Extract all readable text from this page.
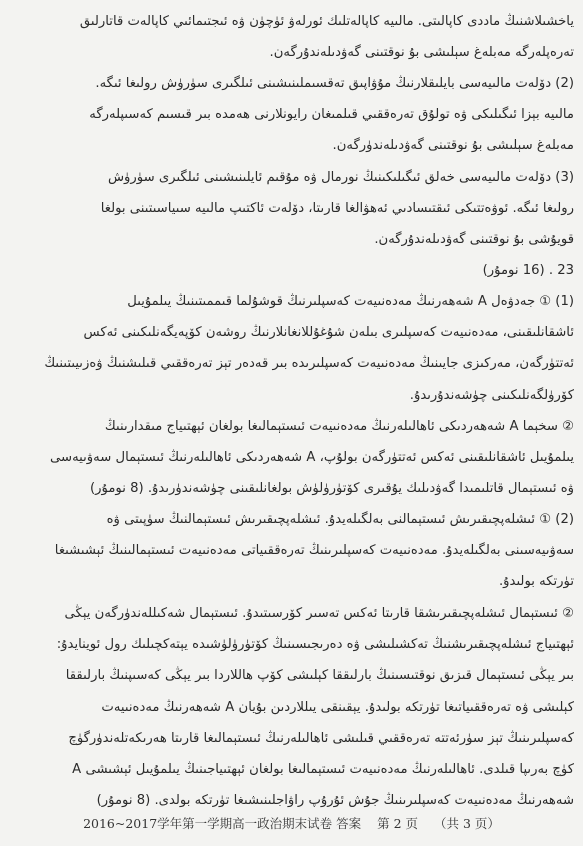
ياخشىلاشنىڭ ماددى كاپالىتى. مالىيە كاپالەتلىك ئورلەۋ ئۈچۈن ۋە ئىجتىمائىي كاپالەت قاتارلىق
تەرەپلەرگە مەبلەغ سېلىشى بۇ نوقتىنى گەۋدىلەندۇرگەن.
(2) دۆلەت مالىيەسى بايلىقلارنىڭ مۇۋاپىق تەقسىملىنىشىنى ئىلگىرى سۈرۈش رولىغا ئىگە.
مالىيە بېزا ئىگىلىكى ۋە تولۇق تەرەققىي قىلمىغان رايونلارنى ھەمدە بىر قىسىم كەسىپلەرگە
مەبلەغ سېلىشى بۇ نوقتىنى گەۋدىلەندۈرگەن.
(3) دۆلەت مالىيەسى خەلق ئىگىلىكىنىڭ نورمال ۋە مۇقىم ئايلىنىشىنى ئىلگىرى سۈرۈش
رولىغا ئىگە. ئوۋەتتىكى ئىقتىسادىي ئەھۋالغا قارىتا، دۆلەت ئاكتىپ مالىيە سىياسىتىنى بولغا
قويۇشى بۇ نوقتىنى گەۋدىلەندۇرگەن.
23 . (16 نومۇر)
(1) ① جەدۋەل A شەھەرنىڭ مەدەنىيەت كەسپلىرنىڭ قوشۇلما قىممىتىنىڭ يىلمۇيىل
ئاشقانلىقىنى، مەدەنىيەت كەسپلىرى بىلەن شۇغۇللانغانلارنىڭ روشەن كۆپەيگەنلىكىنى ئەكس
ئەتتۈرگەن، مەركىزى جايىنىڭ مەدەنىيەت كەسپلىرىدە بىر قەدەر تېز تەرەققىي قىلىشنىڭ ۋەزىيىتىنىڭ
كۆرۈلگەنلىكىنى چۈشەندۇرىدۇ.
② سخېما A شەھەردىكى ئاھالىلەرنىڭ مەدەنىيەت ئىستېمالىغا بولغان ئېھتىياج مىقدارىنىڭ
يىلمۇيىل ئاشقانلىقىنى ئەكس ئەتتۈرگەن بولۇپ، A شەھەردىكى ئاھالىلەرنىڭ ئىستېمال سەۋىيەسى
ۋە ئىستېمال قاتلىمىدا گەۋدىلىك يۇقىرى كۆتۈرۈلۈش بولغانلىقىنى چۈشەندۈرىدۇ. (8 نومۇر)
(2) ① ئىشلەپچىقىرىش ئىستېمالنى بەلگىلەيدۇ. ئىشلەپچىقىرىش ئىستېمالنىڭ سۈپىتى ۋە
سەۋىيەسىنى بەلگىلەيدۇ. مەدەنىيەت كەسپلىرىنىڭ تەرەققىياتى مەدەنىيەت ئىستېمالىنىڭ ئېشىشىغا
تۈرتكە بولىدۇ.
② ئىستېمال ئىشلەپچىقىرىشقا قارىتا ئەكس تەسىر كۆرسىتىدۇ. ئىستېمال شەكىللەندۈرگەن يېڭى
ئېھتىياج ئىشلەپچىقىرىشنىڭ تەكشىلىشى ۋە دەرىجىسىنىڭ كۆتۈرۈلۈشىدە يېتەكچىلىك رول ئوينايدۇ:
بىر يېڭى ئىستېمال قىزىق نوقتىسىنىڭ بارلىققا كېلىشى كۆپ ھاللاردا بىر يېڭى كەسىپنىڭ بارلىققا
كېلىشى ۋە تەرەققىياتىغا تۈرتكە بولىدۇ. يېقىنقى يىللاردىن بۇيان A شەھەرنىڭ مەدەنىيەت
كەسپلىرىنىڭ تېز سۈرئەتتە تەرەققىي قىلىشى ئاھالىلەرنىڭ ئىستېمالىغا قارىتا ھەرىكەتلەندۈرگۈچ
كۈچ بەرىپا قىلدى. ئاھالىلەرنىڭ مەدەنىيەت ئىستېمالىغا بولغان ئېھتىياجىنىڭ يىلمۇيىل ئېشىشى A
شەھەرنىڭ مەدەنىيەت كەسپلىرىنىڭ جۇش ئۇرۇپ راۋاجلىنىشىغا تۈرتكە بولدى. (8 نومۇر)
2016~2017学年第一学期高一政治期末试卷 答案 第 2 页 （共 3 页）
